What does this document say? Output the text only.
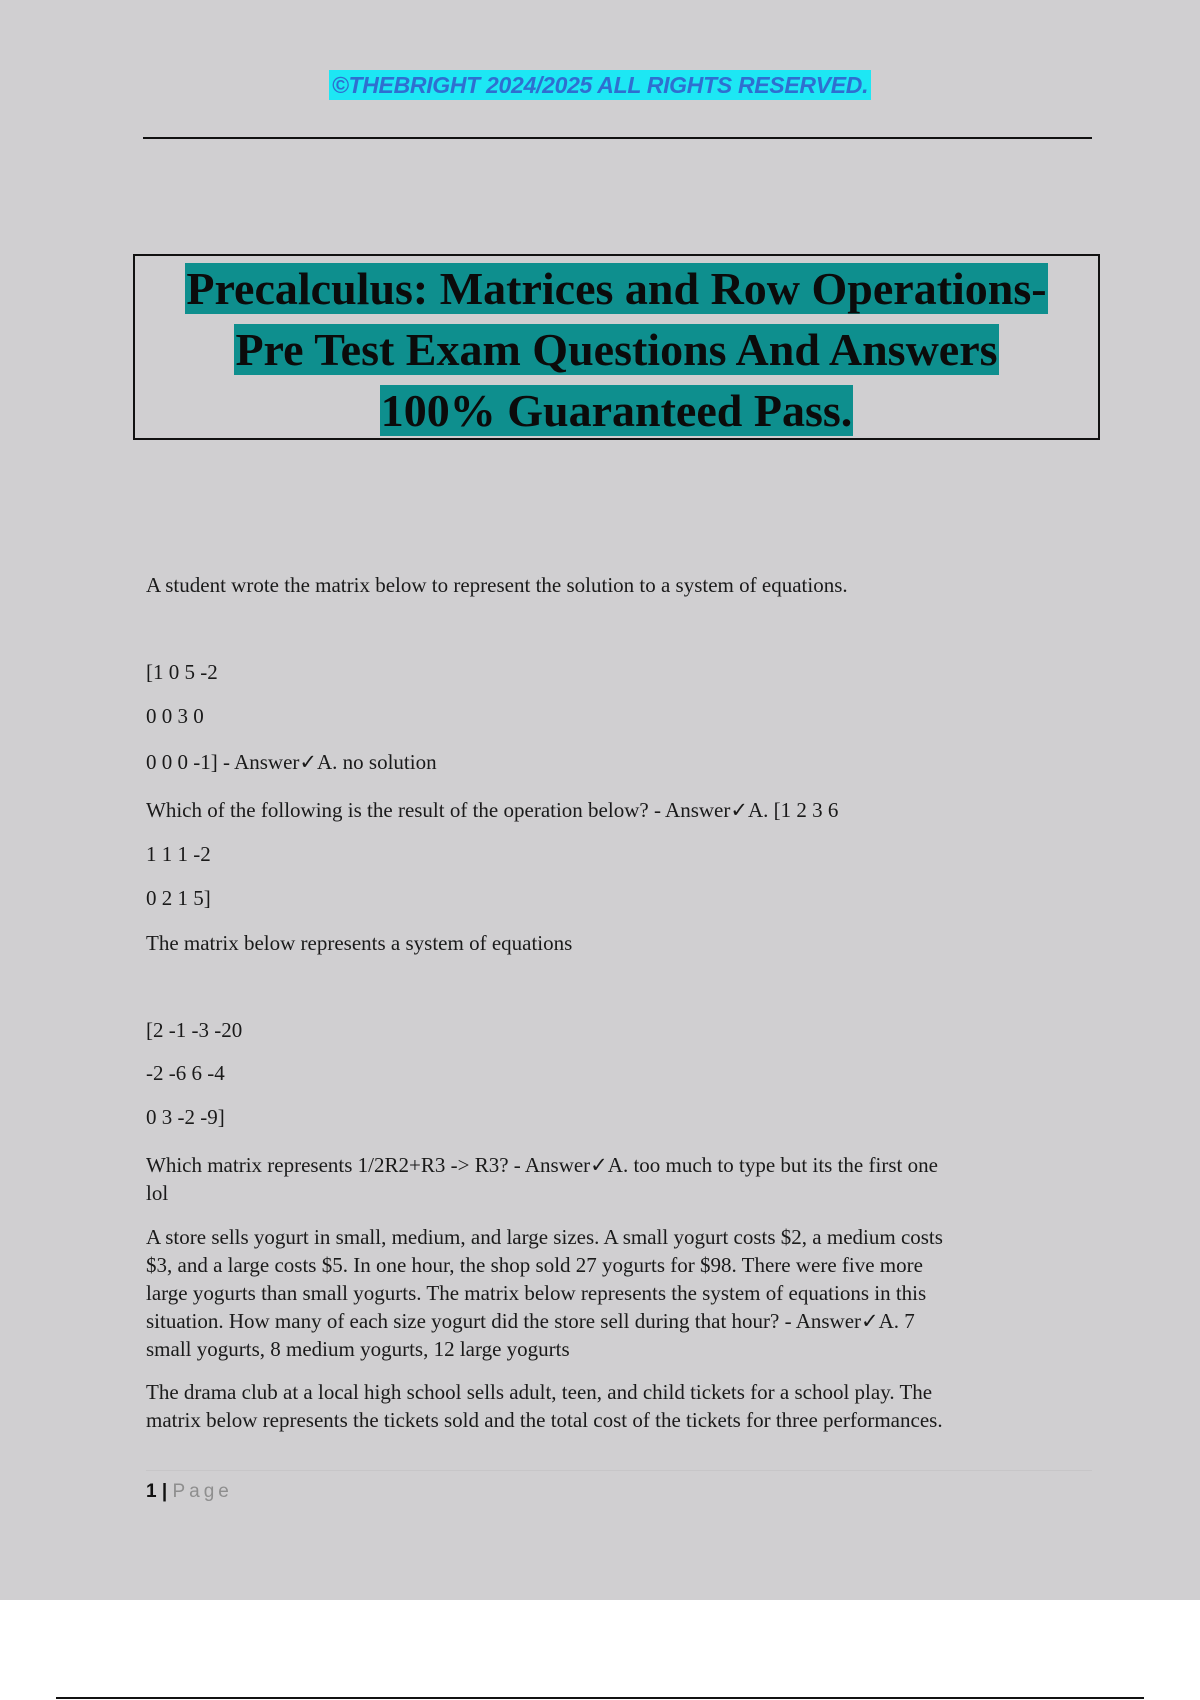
©THEBRIGHT 2024/2025 ALL RIGHTS RESERVED.

Precalculus: Matrices and Row Operations-

Pre Test Exam Questions And Answers

100% Guaranteed Pass.

A student wrote the matrix below to represent the solution to a system of equations.

[1 0 5 -2

0 0 3 0

0 0 0 -1] - Answer✓A. no solution

Which of the following is the result of the operation below? - Answer✓A. [1 2 3 6

1 1 1 -2

0 2 1 5]

The matrix below represents a system of equations

[2 -1 -3 -20

-2 -6 6 -4

0 3 -2 -9]

Which matrix represents 1/2R2+R3 -> R3? - Answer✓A. too much to type but its the first one

lol

A store sells yogurt in small, medium, and large sizes. A small yogurt costs $2, a medium costs

$3, and a large costs $5. In one hour, the shop sold 27 yogurts for $98. There were five more

large yogurts than small yogurts. The matrix below represents the system of equations in this

situation. How many of each size yogurt did the store sell during that hour? - Answer✓A. 7

small yogurts, 8 medium yogurts, 12 large yogurts

The drama club at a local high school sells adult, teen, and child tickets for a school play. The

matrix below represents the tickets sold and the total cost of the tickets for three performances.

1 | Page
